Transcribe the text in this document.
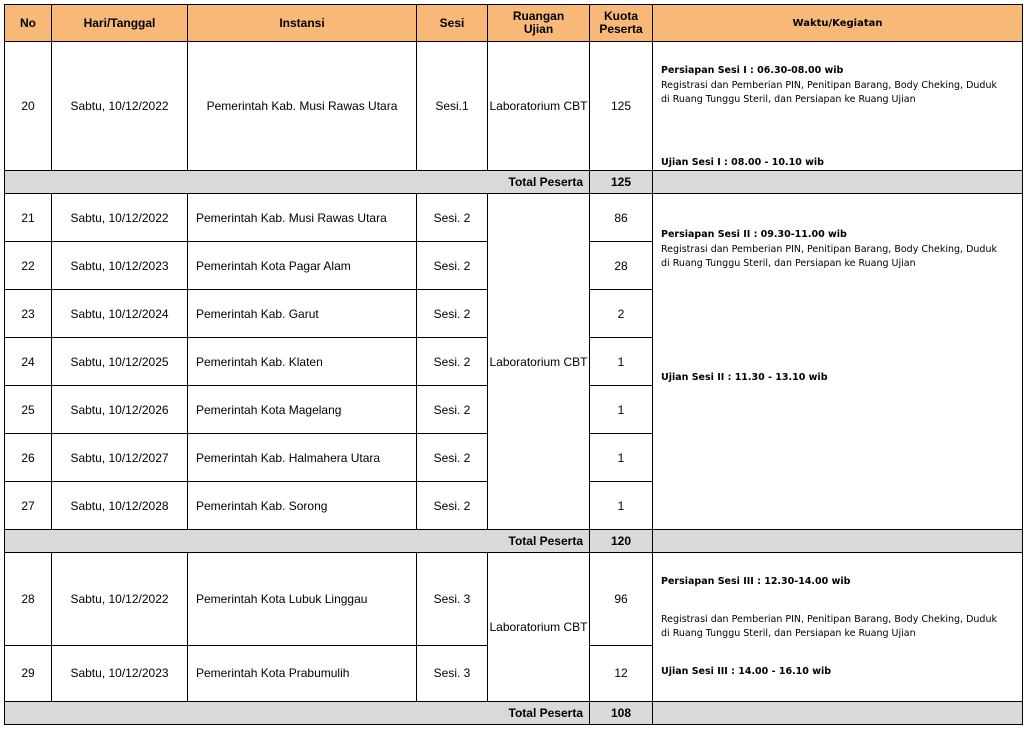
No	Hari/Tanggal	Instansi	Sesi	Ruangan Ujian	Kuota Peserta	Waktu/Kegiatan
20	Sabtu, 10/12/2022	Pemerintah Kab. Musi Rawas Utara	Sesi.1	Laboratorium CBT	125	Persiapan Sesi I : 06.30-08.00 wib
Registrasi dan Pemberian PIN, Penitipan Barang, Body Cheking, Duduk di Ruang Tunggu Steril, dan Persiapan ke Ruang Ujian
Ujian Sesi I : 08.00 - 10.10 wib

Total Peserta					125	
21	Sabtu, 10/12/2022	Pemerintah Kab. Musi Rawas Utara	Sesi. 2	Laboratorium CBT	86	Persiapan Sesi II : 09.30-11.00 wib
Registrasi dan Pemberian PIN, Penitipan Barang, Body Cheking, Duduk di Ruang Tunggu Steril, dan Persiapan ke Ruang Ujian
Ujian Sesi II : 11.30 - 13.10 wib

22	Sabtu, 10/12/2023	Pemerintah Kota Pagar Alam	Sesi. 2		28	
23	Sabtu, 10/12/2024	Pemerintah Kab. Garut	Sesi. 2		2	
24	Sabtu, 10/12/2025	Pemerintah Kab. Klaten	Sesi. 2		1	
25	Sabtu, 10/12/2026	Pemerintah Kota Magelang	Sesi. 2		1	
26	Sabtu, 10/12/2027	Pemerintah Kab. Halmahera Utara	Sesi. 2		1	
27	Sabtu, 10/12/2028	Pemerintah Kab. Sorong	Sesi. 2		1	
Total Peserta					120	
28	Sabtu, 10/12/2022	Pemerintah Kota Lubuk Linggau	Sesi. 3	Laboratorium CBT	96	Persiapan Sesi III : 12.30-14.00 wib
Registrasi dan Pemberian PIN, Penitipan Barang, Body Cheking, Duduk di Ruang Tunggu Steril, dan Persiapan ke Ruang Ujian
Ujian Sesi III : 14.00 - 16.10 wib

29	Sabtu, 10/12/2023	Pemerintah Kota Prabumulih	Sesi. 3		12	
Total Peserta					108	
